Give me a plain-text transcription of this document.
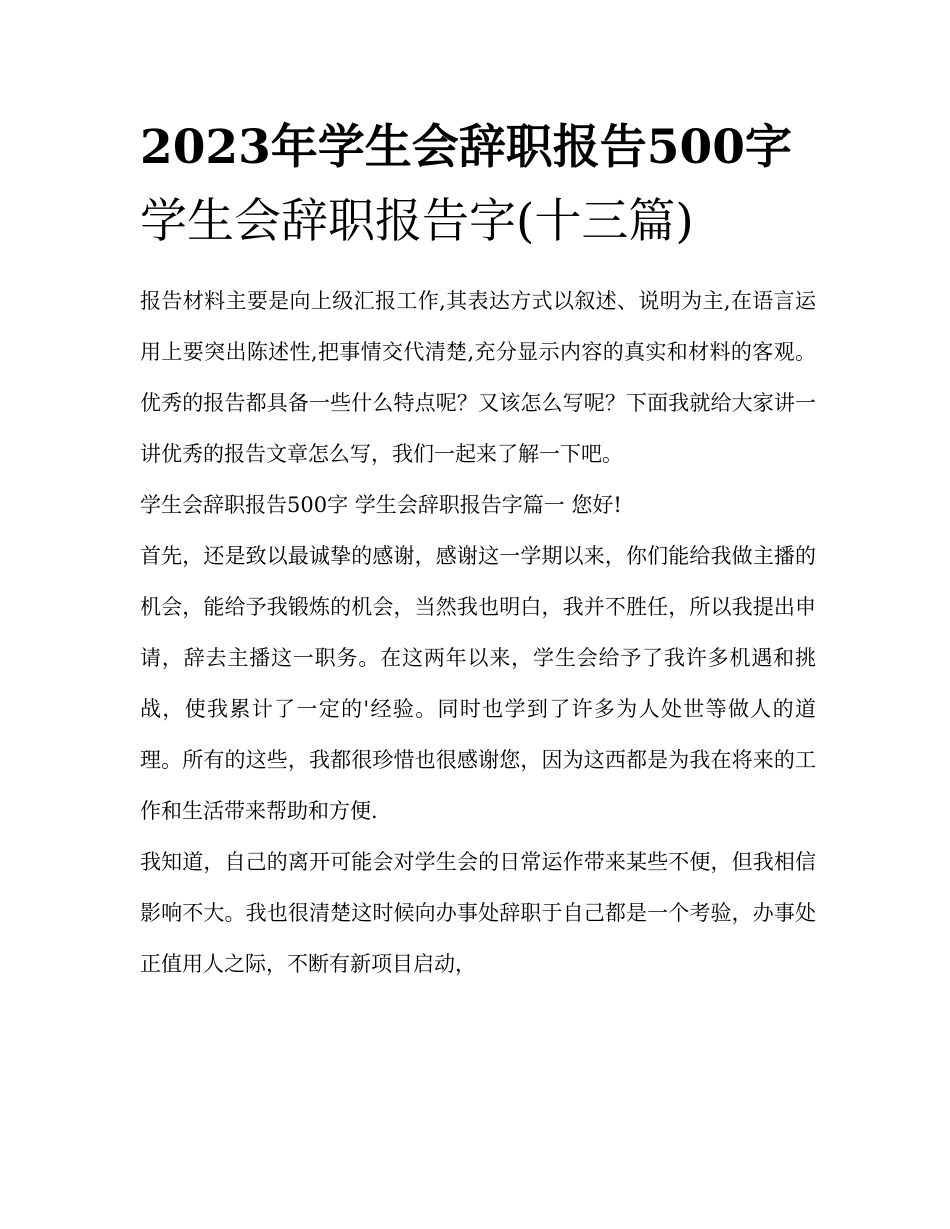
2023年学生会辞职报告500字
学生会辞职报告字(十三篇)

报告材料主要是向上级汇报工作,其表达方式以叙述、说明为主,在语言运用上要突出陈述性,把事情交代清楚,充分显示内容的真实和材料的客观。优秀的报告都具备一些什么特点呢？又该怎么写呢？下面我就给大家讲一讲优秀的报告文章怎么写，我们一起来了解一下吧。

学生会辞职报告500字 学生会辞职报告字篇一 您好!

首先，还是致以最诚挚的感谢，感谢这一学期以来，你们能给我做主播的机会，能给予我锻炼的机会，当然我也明白，我并不胜任，所以我提出申请，辞去主播这一职务。在这两年以来，学生会给予了我许多机遇和挑战，使我累计了一定的'经验。同时也学到了许多为人处世等做人的道理。所有的这些，我都很珍惜也很感谢您，因为这西都是为我在将来的工作和生活带来帮助和方便.

我知道，自己的离开可能会对学生会的日常运作带来某些不便，但我相信影响不大。我也很清楚这时候向办事处辞职于自己都是一个考验，办事处正值用人之际，不断有新项目启动，
